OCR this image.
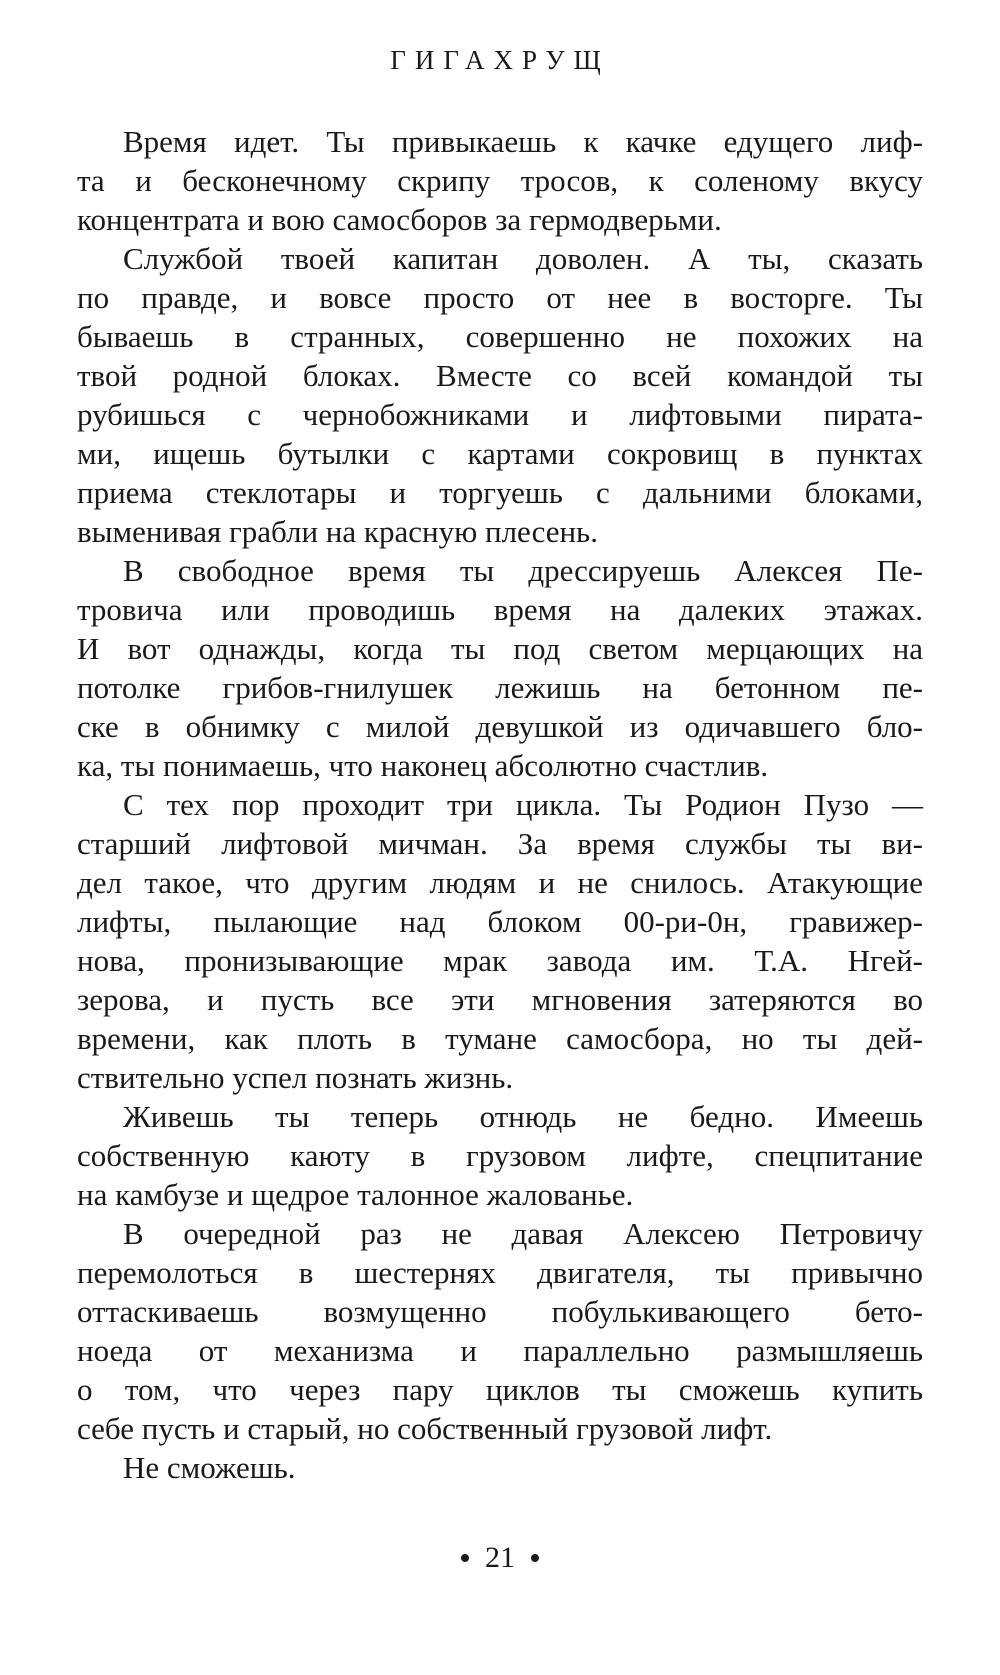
ГИГАХРУЩ
Время идет. Ты привыкаешь к качке едущего лиф-
та и бесконечному скрипу тросов, к соленому вкусу
концентрата и вою самосборов за гермодверьми.
Службой твоей капитан доволен. А ты, сказать
по правде, и вовсе просто от нее в восторге. Ты
бываешь в странных, совершенно не похожих на
твой родной блоках. Вместе со всей командой ты
рубишься с чернобожниками и лифтовыми пирата-
ми, ищешь бутылки с картами сокровищ в пунктах
приема стеклотары и торгуешь с дальними блоками,
выменивая грабли на красную плесень.
В свободное время ты дрессируешь Алексея Пе-
тровича или проводишь время на далеких этажах.
И вот однажды, когда ты под светом мерцающих на
потолке грибов-гнилушек лежишь на бетонном пе-
ске в обнимку с милой девушкой из одичавшего бло-
ка, ты понимаешь, что наконец абсолютно счастлив.
С тех пор проходит три цикла. Ты Родион Пузо —
старший лифтовой мичман. За время службы ты ви-
дел такое, что другим людям и не снилось. Атакующие
лифты, пылающие над блоком 00-ри-0н, гравижер-
нова, пронизывающие мрак завода им. Т.А. Нгей-
зерова, и пусть все эти мгновения затеряются во
времени, как плоть в тумане самосбора, но ты дей-
ствительно успел познать жизнь.
Живешь ты теперь отнюдь не бедно. Имеешь
собственную каюту в грузовом лифте, спецпитание
на камбузе и щедрое талонное жалованье.
В очередной раз не давая Алексею Петровичу
перемолоться в шестернях двигателя, ты привычно
оттаскиваешь возмущенно побулькивающего бето-
ноеда от механизма и параллельно размышляешь
о том, что через пару циклов ты сможешь купить
себе пусть и старый, но собственный грузовой лифт.
Не сможешь.
21
